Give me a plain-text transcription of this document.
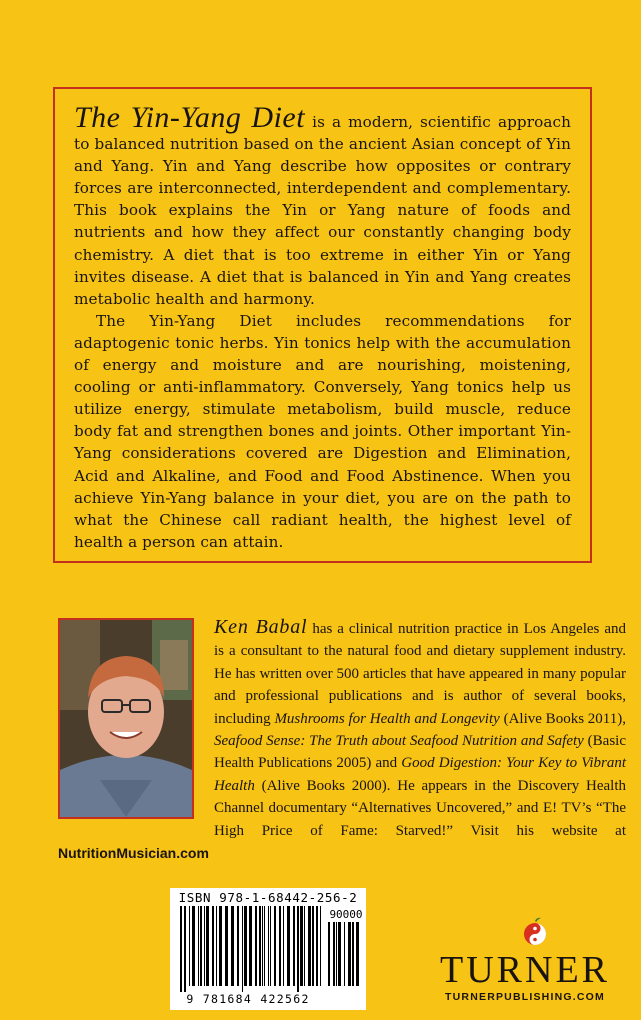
The Yin-Yang Diet is a modern, scientific approach to balanced nutrition based on the ancient Asian concept of Yin and Yang. Yin and Yang describe how opposites or contrary forces are interconnected, interdependent and complementary. This book explains the Yin or Yang nature of foods and nutrients and how they affect our constantly changing body chemistry. A diet that is too extreme in either Yin or Yang invites disease. A diet that is balanced in Yin and Yang creates metabolic health and harmony.

The Yin-Yang Diet includes recommendations for adaptogenic tonic herbs. Yin tonics help with the accumulation of energy and moisture and are nourishing, moistening, cooling or anti-inflammatory. Conversely, Yang tonics help us utilize energy, stimulate metabolism, build muscle, reduce body fat and strengthen bones and joints. Other important Yin-Yang considerations covered are Digestion and Elimination, Acid and Alkaline, and Food and Food Abstinence. When you achieve Yin-Yang balance in your diet, you are on the path to what the Chinese call radiant health, the highest level of health a person can attain.

Ken Babal has a clinical nutrition practice in Los Angeles and is a consultant to the natural food and dietary supplement industry. He has written over 500 articles that have appeared in many popular and professional publications and is author of several books, including Mushrooms for Health and Longevity (Alive Books 2011), Seafood Sense: The Truth about Seafood Nutrition and Safety (Basic Health Publications 2005) and Good Digestion: Your Key to Vibrant Health (Alive Books 2000). He appears in the Discovery Health Channel documentary “Alternatives Uncovered,” and E! TV’s “The High Price of Fame: Starved!” Visit his website at NutritionMusician.com

ISBN 978-1-68442-256-2
9 781684 422562
90000

TURNER

TURNERPUBLISHING.COM
